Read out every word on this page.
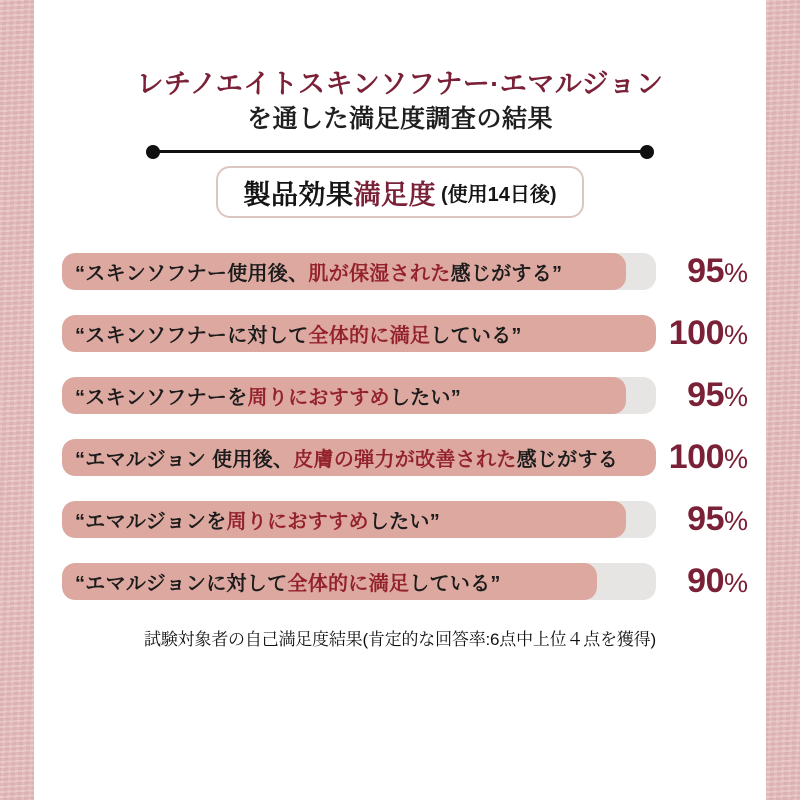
レチノエイトスキンソフナー·エマルジョン
を通した満足度調査の結果
製品効果 満足度 (使用14日後)
“スキンソフナー使用後、肌が保湿された感じがする”	95%
“スキンソフナーに対して全体的に満足している”	100%
“スキンソフナーを周りにおすすめしたい”	95%
“エマルジョン 使用後、皮膚の弾力が改善された感じがする	100%
“エマルジョンを周りにおすすめしたい”	95%
“エマルジョンに対して全体的に満足している”	90%
試験対象者の自己満足度結果(肯定的な回答率:6点中上位４点を獲得)
